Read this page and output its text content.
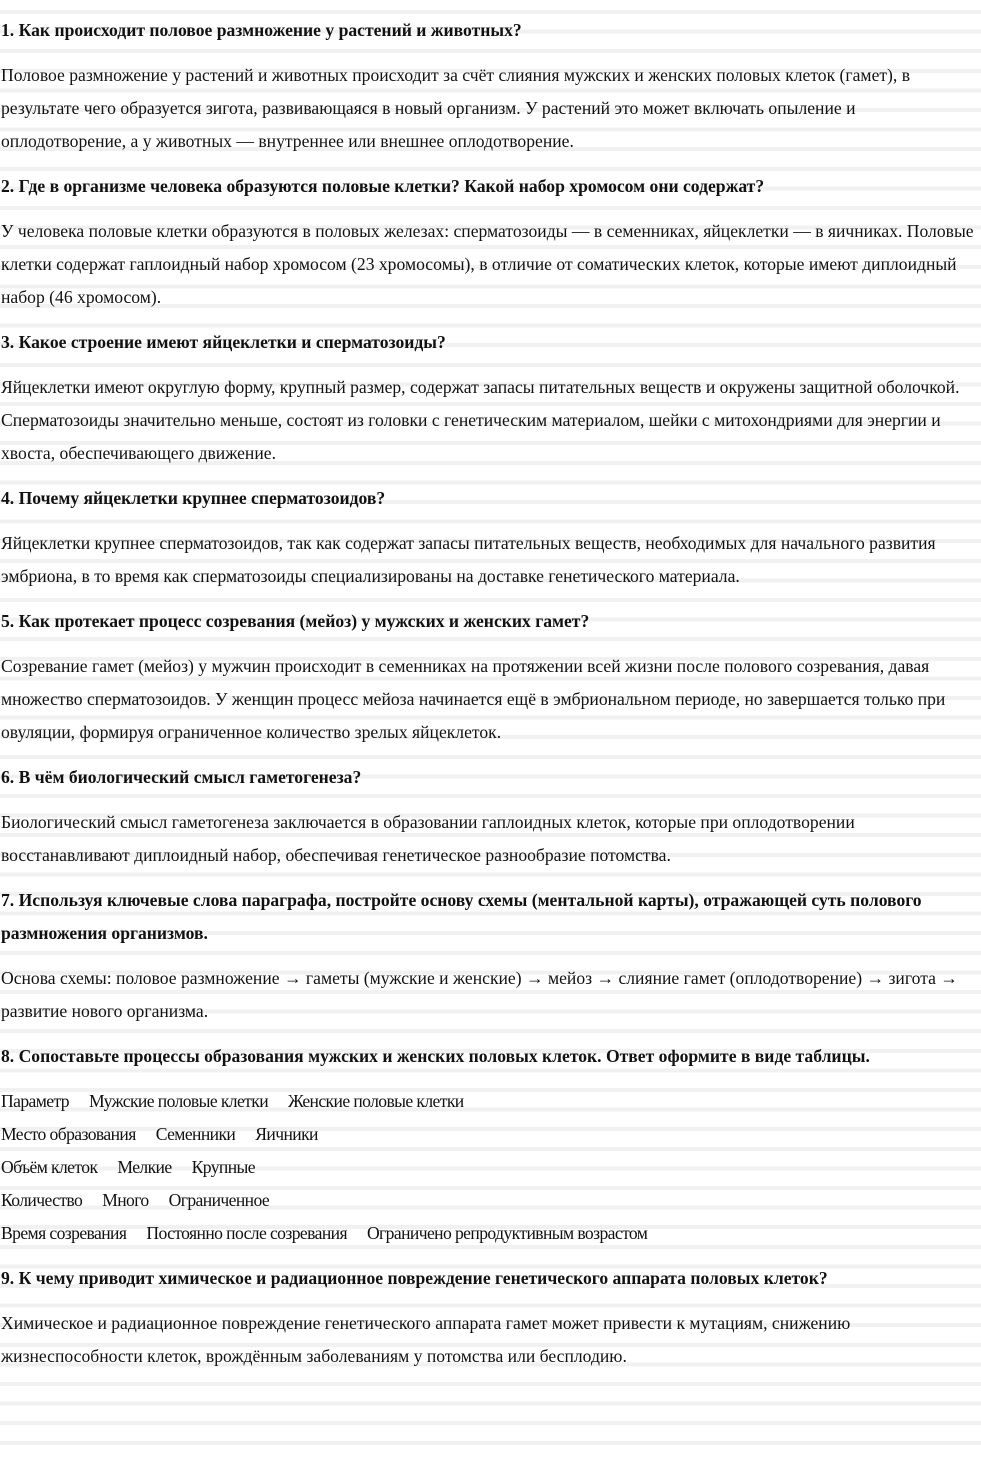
1. Как происходит половое размножение у растений и животных?
Половое размножение у растений и животных происходит за счёт слияния мужских и женских половых клеток (гамет), в результате чего образуется зигота, развивающаяся в новый организм. У растений это может включать опыление и оплодотворение, а у животных — внутреннее или внешнее оплодотворение.
2. Где в организме человека образуются половые клетки? Какой набор хромосом они содержат?
У человека половые клетки образуются в половых железах: сперматозоиды — в семенниках, яйцеклетки — в яичниках. Половые клетки содержат гаплоидный набор хромосом (23 хромосомы), в отличие от соматических клеток, которые имеют диплоидный набор (46 хромосом).
3. Какое строение имеют яйцеклетки и сперматозоиды?
Яйцеклетки имеют округлую форму, крупный размер, содержат запасы питательных веществ и окружены защитной оболочкой. Сперматозоиды значительно меньше, состоят из головки с генетическим материалом, шейки с митохондриями для энергии и хвоста, обеспечивающего движение.
4. Почему яйцеклетки крупнее сперматозоидов?
Яйцеклетки крупнее сперматозоидов, так как содержат запасы питательных веществ, необходимых для начального развития эмбриона, в то время как сперматозоиды специализированы на доставке генетического материала.
5. Как протекает процесс созревания (мейоз) у мужских и женских гамет?
Созревание гамет (мейоз) у мужчин происходит в семенниках на протяжении всей жизни после полового созревания, давая множество сперматозоидов. У женщин процесс мейоза начинается ещё в эмбриональном периоде, но завершается только при овуляции, формируя ограниченное количество зрелых яйцеклеток.
6. В чём биологический смысл гаметогенеза?
Биологический смысл гаметогенеза заключается в образовании гаплоидных клеток, которые при оплодотворении восстанавливают диплоидный набор, обеспечивая генетическое разнообразие потомства.
7. Используя ключевые слова параграфа, постройте основу схемы (ментальной карты), отражающей суть полового размножения организмов.
Основа схемы: половое размножение → гаметы (мужские и женские) → мейоз → слияние гамет (оплодотворение) → зигота → развитие нового организма.
8. Сопоставьте процессы образования мужских и женских половых клеток. Ответ оформите в виде таблицы.
Параметр Мужские половые клетки Женские половые клетки
Место образования Семенники Яичники
Объём клеток Мелкие Крупные
Количество Много Ограниченное
Время созревания Постоянно после созревания Ограничено репродуктивным возрастом
9. К чему приводит химическое и радиационное повреждение генетического аппарата половых клеток?
Химическое и радиационное повреждение генетического аппарата гамет может привести к мутациям, снижению жизнеспособности клеток, врождённым заболеваниям у потомства или бесплодию.
